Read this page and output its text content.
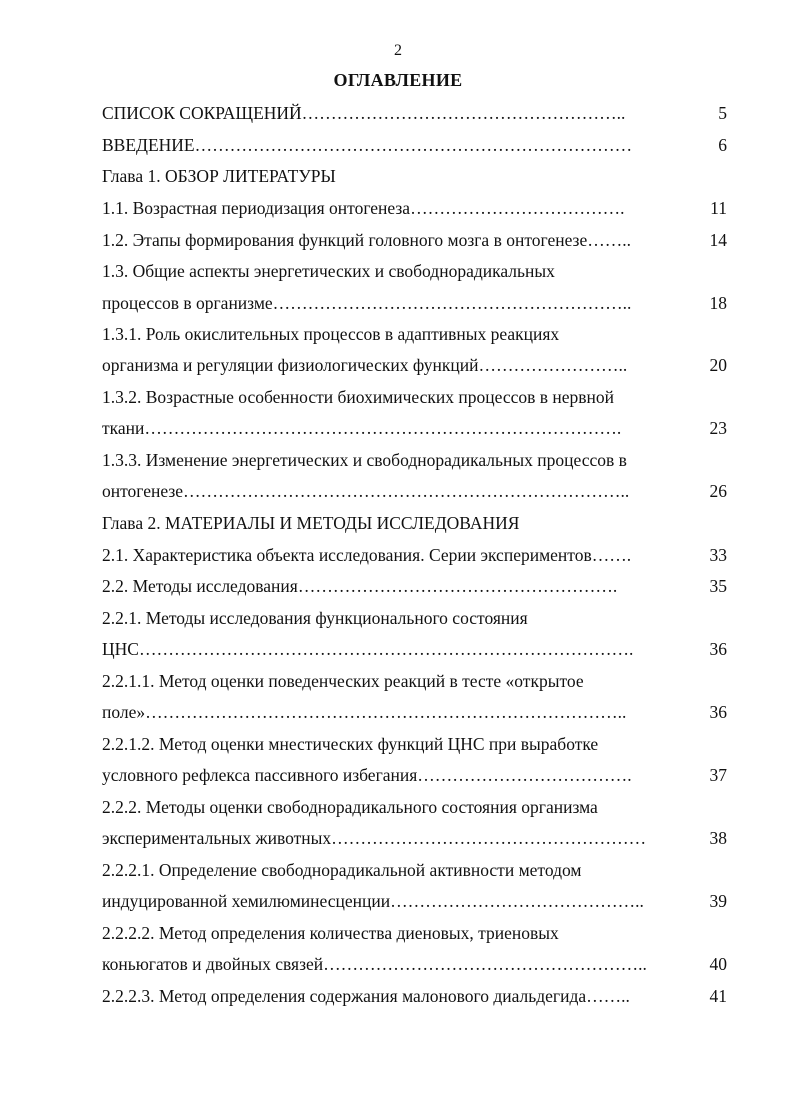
2
ОГЛАВЛЕНИЕ
СПИСОК СОКРАЩЕНИЙ………………………………………………..	5
ВВЕДЕНИЕ…………………………………………………………………	6
Глава 1. ОБЗОР ЛИТЕРАТУРЫ
1.1. Возрастная периодизация онтогенеза……………………………….	11
1.2. Этапы формирования функций головного мозга в онтогенезе……..	14
1.3. Общие аспекты энергетических и свободнорадикальных
процессов в организме……………………………………………………..	18
1.3.1. Роль окислительных процессов в адаптивных реакциях
организма и регуляции физиологических функций……………………..	20
1.3.2. Возрастные особенности биохимических процессов в нервной
ткани……………………………………………………………………….	23
1.3.3. Изменение энергетических и свободнорадикальных процессов в
онтогенезе…………………………………………………………………..	26
Глава 2. МАТЕРИАЛЫ И МЕТОДЫ ИССЛЕДОВАНИЯ
2.1. Характеристика объекта исследования. Серии экспериментов…….	33
2.2. Методы исследования……………………………………………….	35
2.2.1. Методы исследования функционального состояния
ЦНС………………………………………………………………………….	36
2.2.1.1. Метод оценки поведенческих реакций в тесте «открытое
поле»………………………………………………………………………..	36
2.2.1.2. Метод оценки мнестических функций ЦНС при выработке
условного рефлекса пассивного избегания……………………………….	37
2.2.2. Методы оценки свободнорадикального состояния организма
экспериментальных животных………………………………………………	38
2.2.2.1. Определение свободнорадикальной активности методом
индуцированной хемилюминесценции……………………………………..	39
2.2.2.2. Метод определения количества диеновых, триеновых
коньюгатов и двойных связей………………………………………………..	40
2.2.2.3. Метод определения содержания малонового диальдегида……..	41
